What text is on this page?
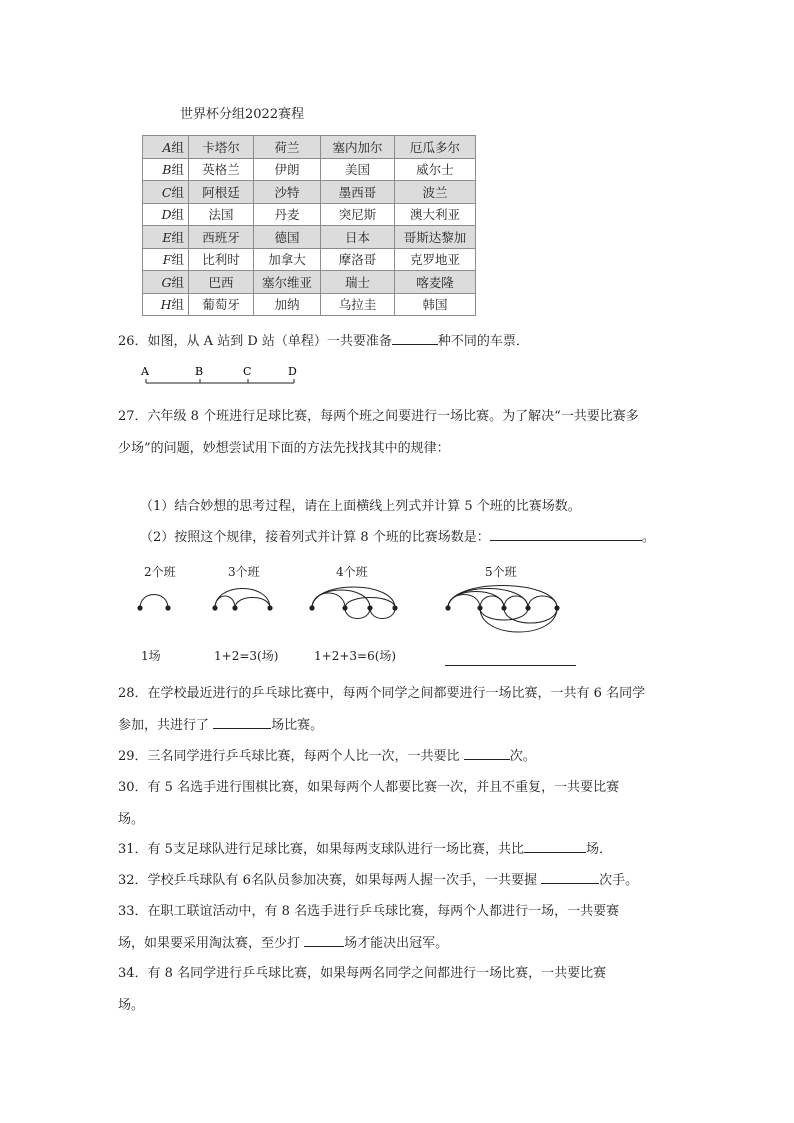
世界杯分组2022赛程
A组	卡塔尔	荷兰	塞内加尔	厄瓜多尔
B组	英格兰	伊朗	美国	威尔士
C组	阿根廷	沙特	墨西哥	波兰
D组	法国	丹麦	突尼斯	澳大利亚
E组	西班牙	德国	日本	哥斯达黎加
F组	比利时	加拿大	摩洛哥	克罗地亚
G组	巴西	塞尔维亚	瑞士	喀麦隆
H组	葡萄牙	加纳	乌拉圭	韩国
26．如图，从 A 站到 D 站（单程）一共要准备	种不同的车票．
A	B	C	D
27．六年级 8 个班进行足球比赛，每两个班之间要进行一场比赛。为了解决“一共要比赛多
少场”的问题，妙想尝试用下面的方法先找找其中的规律：
（1）结合妙想的思考过程，请在上面横线上列式并计算 5 个班的比赛场数。
（2）按照这个规律，接着列式并计算 8 个班的比赛场数是：	。
2个班	3个班	4个班	5个班
1场	1+2=3(场)	1+2+3=6(场)
28．在学校最近进行的乒乓球比赛中，每两个同学之间都要进行一场比赛，一共有 6 名同学
参加，共进行了	场比赛。
29．三名同学进行乒乓球比赛，每两个人比一次，一共要比	次。
30．有 5 名选手进行围棋比赛，如果每两个人都要比赛一次，并且不重复，一共要比赛
场。
31．有 5支足球队进行足球比赛，如果每两支球队进行一场比赛，共比	场．
32．学校乒乓球队有 6名队员参加决赛，如果每两人握一次手，一共要握	次手。
33．在职工联谊活动中，有 8 名选手进行乒乓球比赛，每两个人都进行一场，一共要赛
场，如果要采用淘汰赛，至少打	场才能决出冠军。
34．有 8 名同学进行乒乓球比赛，如果每两名同学之间都进行一场比赛，一共要比赛
场。
